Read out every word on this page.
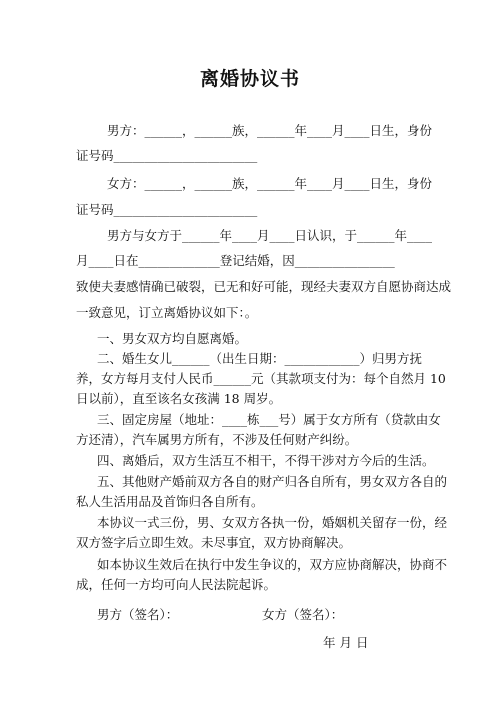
离婚协议书
男方：______，______族，______年____月____日生，身份
证号码_______________________
女方：______，______族，______年____月____日生，身份
证号码_______________________
男方与女方于______年____月____日认识，于______年____
月____日在_____________登记结婚，因________________
致使夫妻感情确已破裂，已无和好可能，现经夫妻双方自愿协商达成
一致意见，订立离婚协议如下：。
一、男女双方均自愿离婚。
二、婚生女儿______（出生日期：____________）归男方抚
养，女方每月支付人民币______元（其款项支付为：每个自然月 10
日以前），直至该名女孩满 18 周岁。
三、固定房屋（地址：____栋___号）属于女方所有（贷款由女
方还清），汽车属男方所有，不涉及任何财产纠纷。
四、离婚后，双方生活互不相干，不得干涉对方今后的生活。
五、其他财产婚前双方各自的财产归各自所有，男女双方各自的
私人生活用品及首饰归各自所有。
本协议一式三份，男、女双方各执一份，婚姻机关留存一份，经
双方签字后立即生效。未尽事宜，双方协商解决。
如本协议生效后在执行中发生争议的，双方应协商解决，协商不
成，任何一方均可向人民法院起诉。
男方（签名）：	女方（签名）：
年 月 日
